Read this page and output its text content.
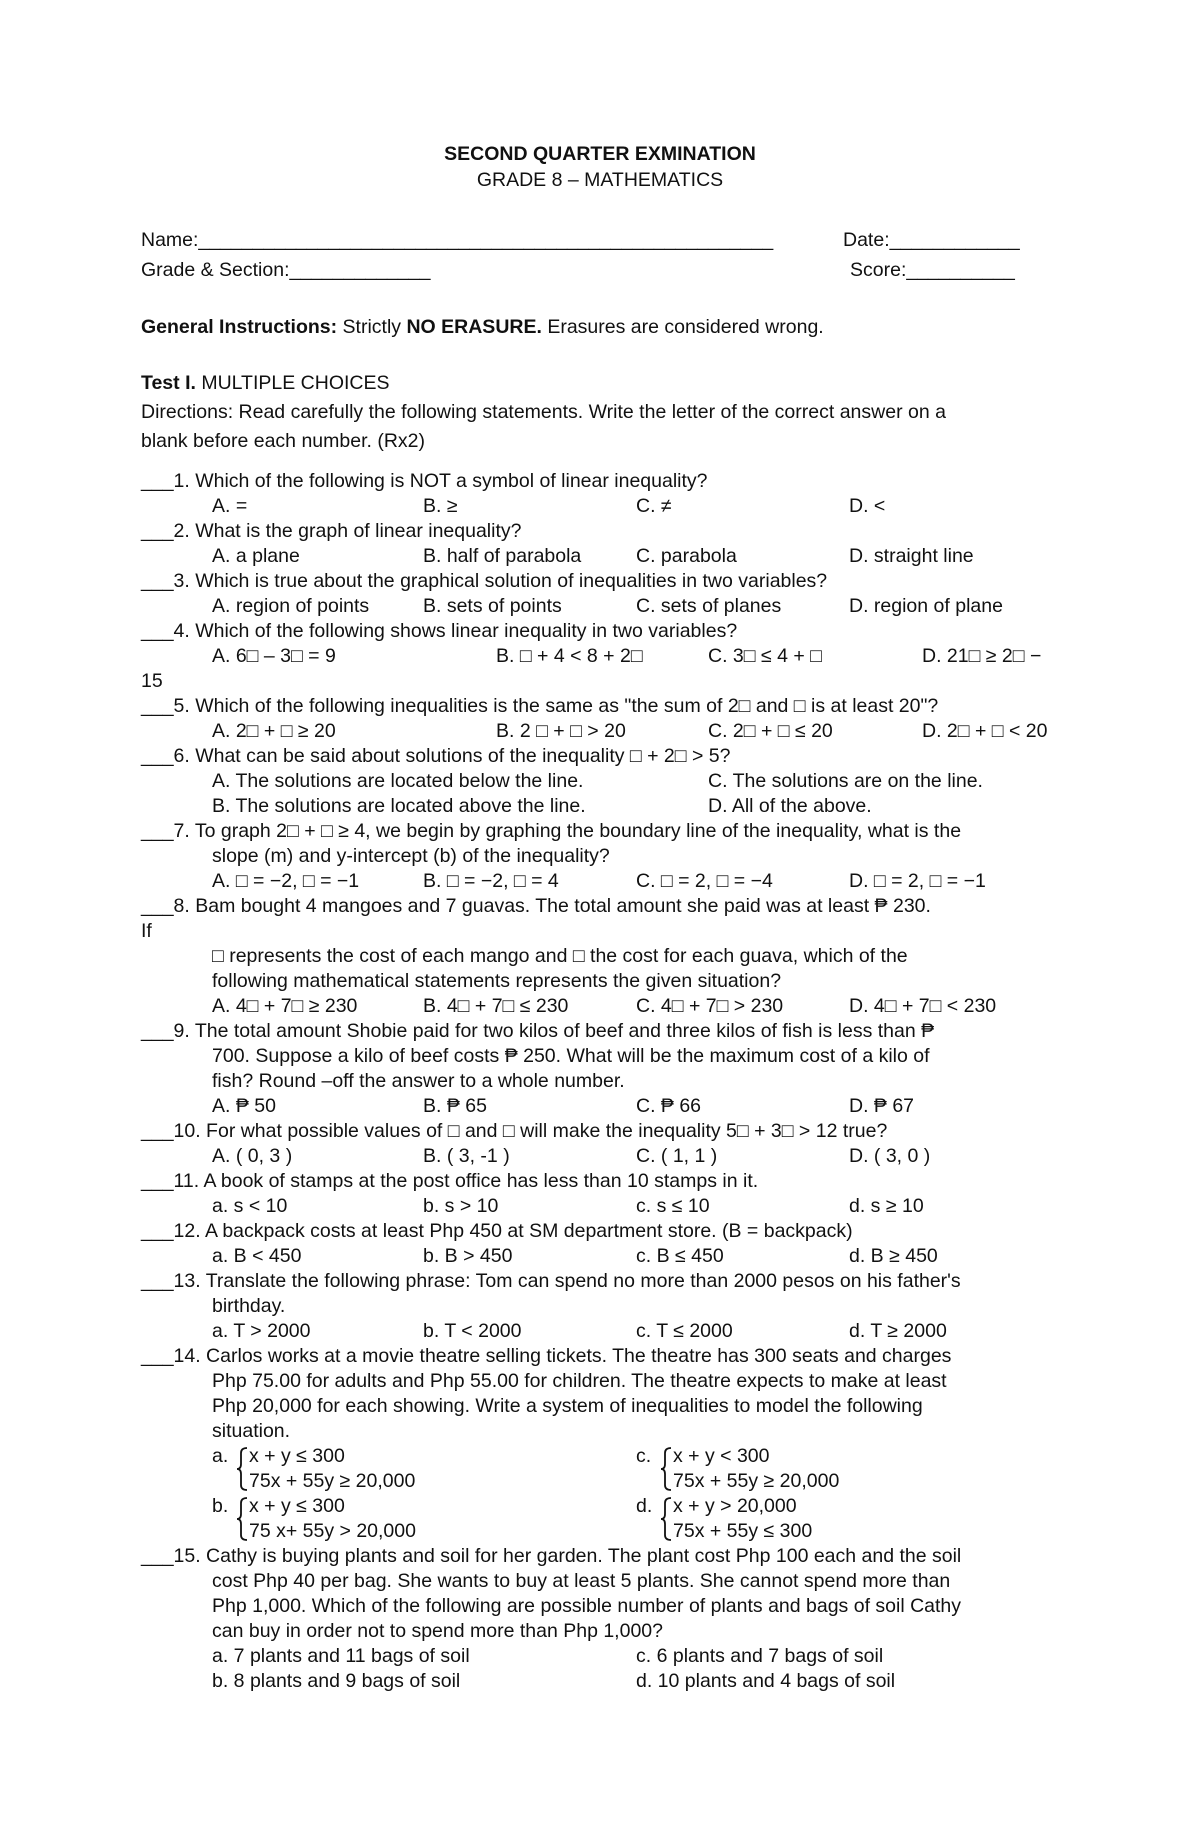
SECOND QUARTER EXMINATION
GRADE 8 – MATHEMATICS
Name:_____________________________________________________	Date:____________
Grade & Section:_____________	Score:__________
General Instructions: Strictly NO ERASURE. Erasures are considered wrong.
Test I. MULTIPLE CHOICES
Directions: Read carefully the following statements. Write the letter of the correct answer on a
blank before each number. (Rx2)
___1. Which of the following is NOT a symbol of linear inequality?
A. =	B. ≥	C. ≠	D. <
___2. What is the graph of linear inequality?
A. a plane	B. half of parabola	C. parabola	D. straight line
___3. Which is true about the graphical solution of inequalities in two variables?
A. region of points	B. sets of points	C. sets of planes	D. region of plane
___4. Which of the following shows linear inequality in two variables?
A. 6□ – 3□ = 9	B. □ + 4 < 8 + 2□	C. 3□ ≤ 4 + □	D. 21□ ≥ 2□ −
15
___5. Which of the following inequalities is the same as "the sum of 2□ and □ is at least 20"?
A. 2□ + □ ≥ 20	B. 2 □ + □ > 20	C. 2□ + □ ≤ 20	D. 2□ + □ < 20
___6. What can be said about solutions of the inequality □ + 2□ > 5?
A. The solutions are located below the line.	C. The solutions are on the line.
B. The solutions are located above the line.	D. All of the above.
___7. To graph 2□ + □ ≥ 4, we begin by graphing the boundary line of the inequality, what is the
slope (m) and y-intercept (b) of the inequality?
A. □ = −2, □ = −1	B. □ = −2, □ = 4	C. □ = 2, □ = −4	D. □ = 2, □ = −1
___8. Bam bought 4 mangoes and 7 guavas. The total amount she paid was at least ₱ 230.
If
□ represents the cost of each mango and □ the cost for each guava, which of the
following mathematical statements represents the given situation?
A. 4□ + 7□ ≥ 230	B. 4□ + 7□ ≤ 230	C. 4□ + 7□ > 230	D. 4□ + 7□ < 230
___9. The total amount Shobie paid for two kilos of beef and three kilos of fish is less than ₱
700. Suppose a kilo of beef costs ₱ 250. What will be the maximum cost of a kilo of
fish? Round –off the answer to a whole number.
A. ₱ 50	B. ₱ 65	C. ₱ 66	D. ₱ 67
___10. For what possible values of □ and □ will make the inequality 5□ + 3□ > 12 true?
A. ( 0, 3 )	B. ( 3, -1 )	C. ( 1, 1 )	D. ( 3, 0 )
___11. A book of stamps at the post office has less than 10 stamps in it.
a. s < 10	b. s > 10	c. s ≤ 10	d. s ≥ 10
___12. A backpack costs at least Php 450 at SM department store. (B = backpack)
a. B < 450	b. B > 450	c. B ≤ 450	d. B ≥ 450
___13. Translate the following phrase: Tom can spend no more than 2000 pesos on his father's
birthday.
a. T > 2000	b. T < 2000	c. T ≤ 2000	d. T ≥ 2000
___14. Carlos works at a movie theatre selling tickets. The theatre has 300 seats and charges
Php 75.00 for adults and Php 55.00 for children. The theatre expects to make at least
Php 20,000 for each showing. Write a system of inequalities to model the following
situation.
a. x + y ≤ 300
75x + 55y ≥ 20,000
c. x + y ˂ 300
75x + 55y ≥ 20,000
b. x + y ≤ 300
75 x+ 55y > 20,000
d. x + y > 20,000
75x + 55y ≤ 300
___15. Cathy is buying plants and soil for her garden. The plant cost Php 100 each and the soil
cost Php 40 per bag. She wants to buy at least 5 plants. She cannot spend more than
Php 1,000. Which of the following are possible number of plants and bags of soil Cathy
can buy in order not to spend more than Php 1,000?
a. 7 plants and 11 bags of soil	c. 6 plants and 7 bags of soil
b. 8 plants and 9 bags of soil	d. 10 plants and 4 bags of soil
